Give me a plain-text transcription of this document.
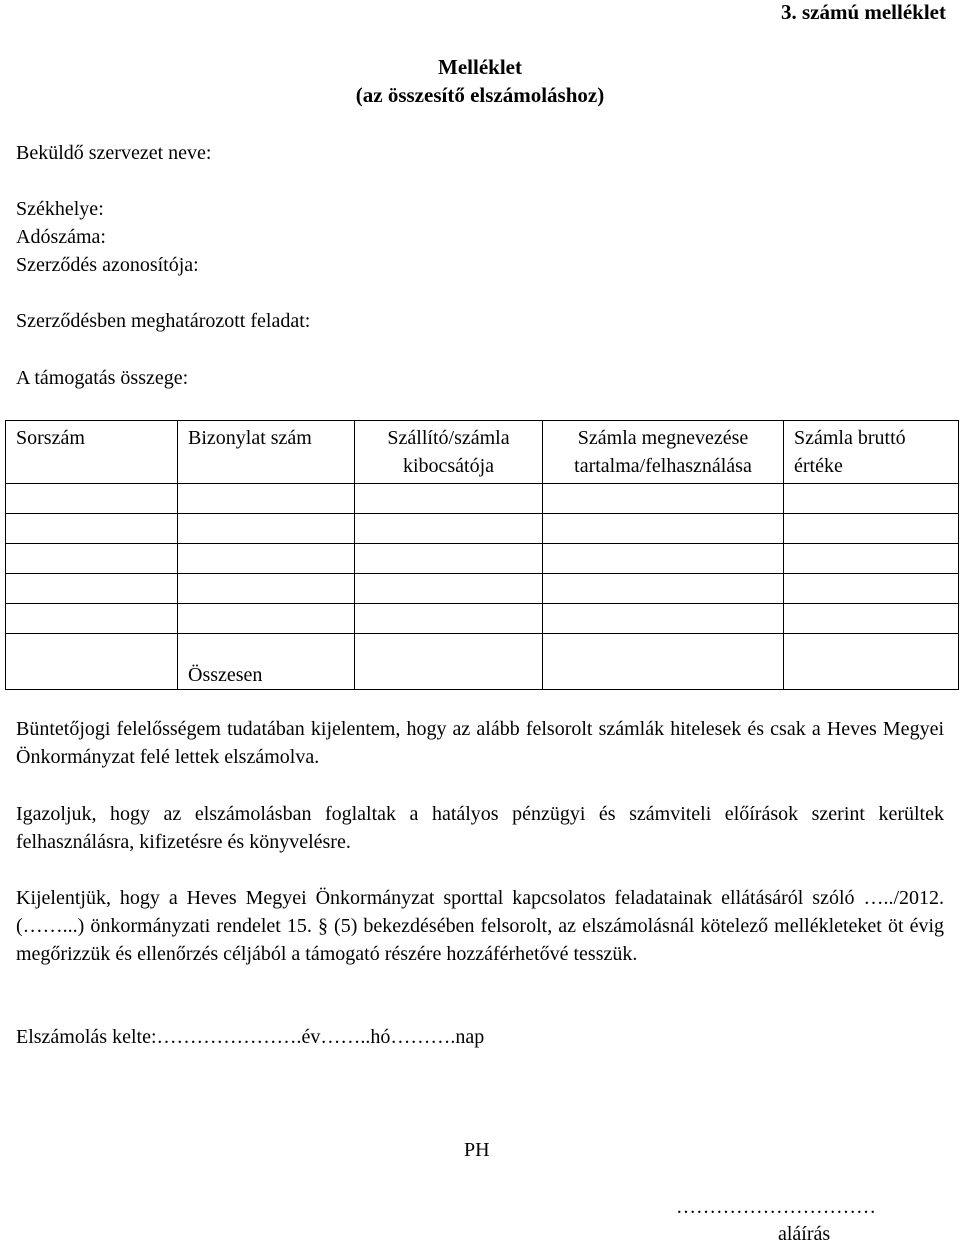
3. számú melléklet
Melléklet
(az összesítő elszámoláshoz)
Beküldő szervezet neve:
Székhelye:
Adószáma:
Szerződés azonosítója:
Szerződésben meghatározott feladat:
A támogatás összege:
Sorszám	Bizonylat szám	Szállító/számla kibocsátója	Számla megnevezése tartalma/felhasználása	Számla bruttó értéke

	Összesen			
Büntetőjogi felelősségem tudatában kijelentem, hogy az alább felsorolt számlák hitelesek és csak a Heves Megyei Önkormányzat felé lettek elszámolva.
Igazoljuk, hogy az elszámolásban foglaltak a hatályos pénzügyi és számviteli előírások szerint kerültek felhasználásra, kifizetésre és könyvelésre.
Kijelentjük, hogy a Heves Megyei Önkormányzat sporttal kapcsolatos feladatainak ellátásáról szóló …../2012. (……...) önkormányzati rendelet 15. § (5) bekezdésében felsorolt, az elszámolásnál kötelező mellékleteket öt évig megőrizzük és ellenőrzés céljából a támogató részére hozzáférhetővé tesszük.
Elszámolás kelte:………………….év……..hó……….nap
PH
…………………………
aláírás
